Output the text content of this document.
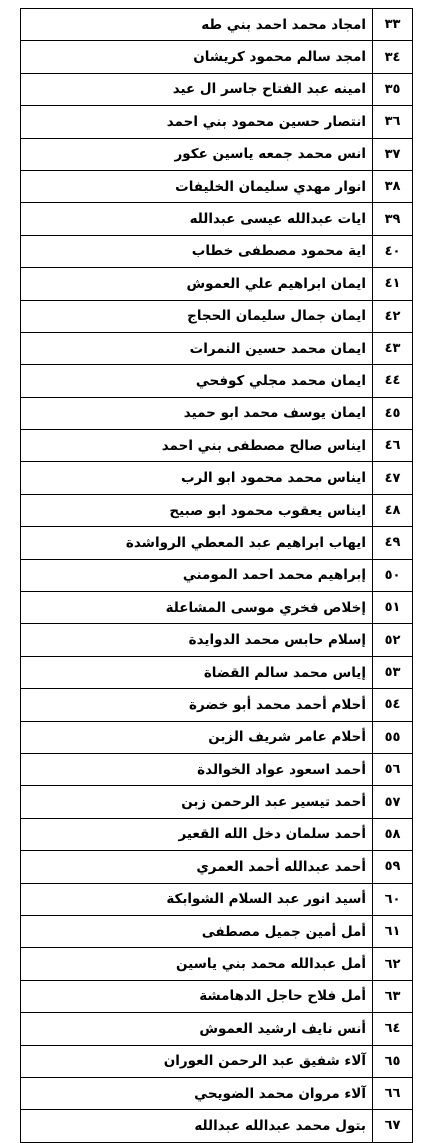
٣٣	امجاد محمد احمد بني طه
٣٤	امجد سالم محمود كريشان
٣٥	امينه عبد الفتاح جاسر ال عيد
٣٦	انتصار حسين محمود بني احمد
٣٧	انس محمد جمعه ياسين عكور
٣٨	انوار مهدي سليمان الخليفات
٣٩	ايات عبدالله عيسى عبدالله
٤٠	اية محمود مصطفى خطاب
٤١	ايمان ابراهيم علي العموش
٤٢	ايمان جمال سليمان الحجاج
٤٣	ايمان محمد حسين النمرات
٤٤	ايمان محمد مجلي كوفحي
٤٥	ايمان يوسف محمد ابو حميد
٤٦	ايناس صالح مصطفى بني احمد
٤٧	ايناس محمد محمود ابو الرب
٤٨	ايناس يعقوب محمود ابو صبيح
٤٩	ايهاب ابراهيم عبد المعطي الرواشدة
٥٠	إبراهيم محمد احمد المومني
٥١	إخلاص فخري موسى المشاعلة
٥٢	إسلام حابس محمد الدوايدة
٥٣	إياس محمد سالم القضاة
٥٤	أحلام أحمد محمد أبو خضرة
٥٥	أحلام عامر شريف الزبن
٥٦	أحمد اسعود عواد الخوالدة
٥٧	أحمد تيسير عبد الرحمن زبن
٥٨	أحمد سلمان دخل الله القعير
٥٩	أحمد عبدالله أحمد العمري
٦٠	أسيد انور عبد السلام الشوابكة
٦١	أمل أمين جميل مصطفى
٦٢	أمل عبدالله محمد بني ياسين
٦٣	أمل فلاح حاجل الدهامشة
٦٤	أنس نايف ارشيد العموش
٦٥	آلاء شفيق عبد الرحمن العوران
٦٦	آلاء مروان محمد الضويحي
٦٧	بتول محمد عبدالله عبدالله
